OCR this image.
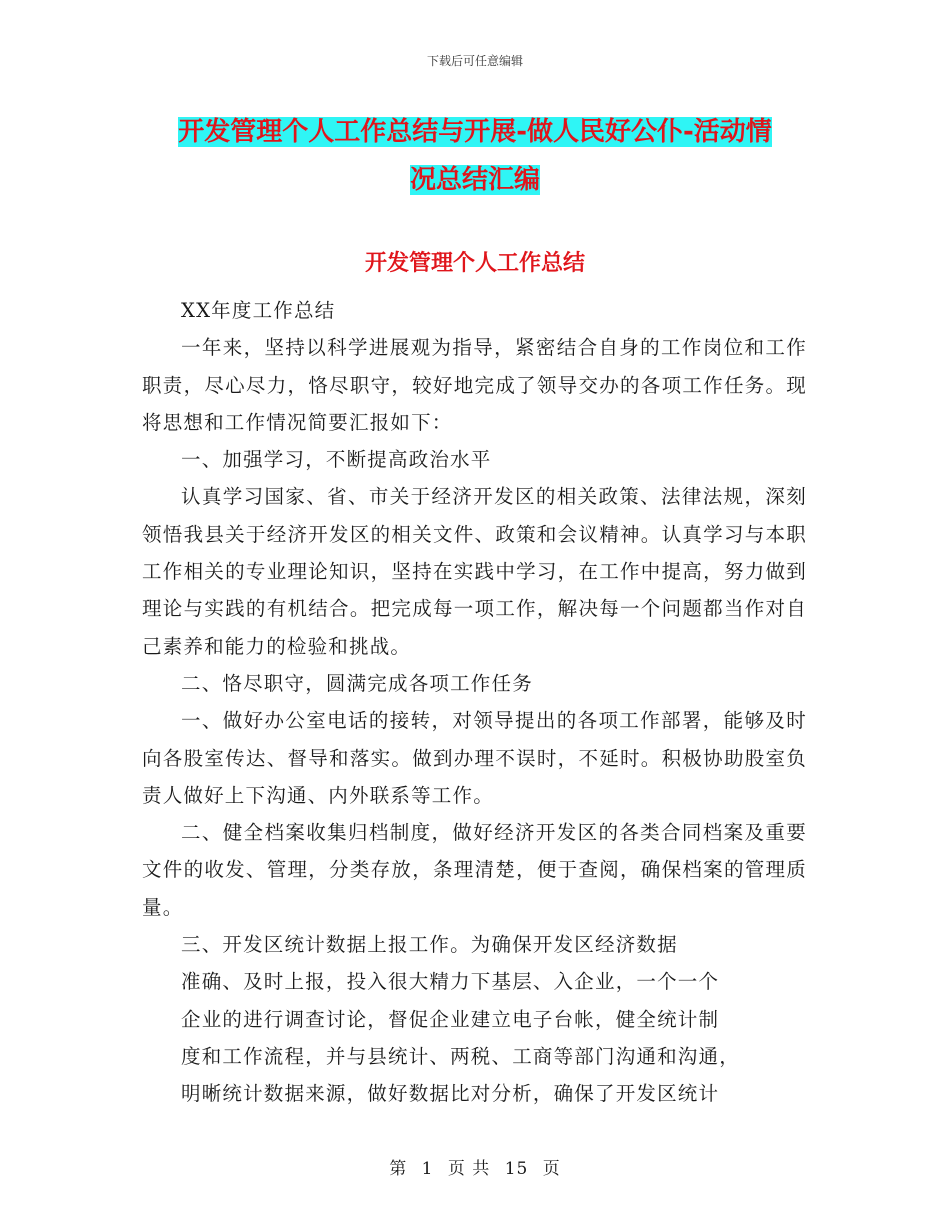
下载后可任意编辑
开发管理个人工作总结与开展-做人民好公仆-活动情
况总结汇编
开发管理个人工作总结

XX年度工作总结

一年来，坚持以科学进展观为指导，紧密结合自身的工作岗位和工作职责，尽心尽力，恪尽职守，较好地完成了领导交办的各项工作任务。现将思想和工作情况简要汇报如下：

一、加强学习，不断提高政治水平

认真学习国家、省、市关于经济开发区的相关政策、法律法规，深刻领悟我县关于经济开发区的相关文件、政策和会议精神。认真学习与本职工作相关的专业理论知识，坚持在实践中学习，在工作中提高，努力做到理论与实践的有机结合。把完成每一项工作，解决每一个问题都当作对自己素养和能力的检验和挑战。

二、恪尽职守，圆满完成各项工作任务

一、做好办公室电话的接转，对领导提出的各项工作部署，能够及时向各股室传达、督导和落实。做到办理不误时，不延时。积极协助股室负责人做好上下沟通、内外联系等工作。

二、健全档案收集归档制度，做好经济开发区的各类合同档案及重要文件的收发、管理，分类存放，条理清楚，便于查阅，确保档案的管理质量。

三、开发区统计数据上报工作。为确保开发区经济数据

准确、及时上报，投入很大精力下基层、入企业，一个一个

企业的进行调查讨论，督促企业建立电子台帐，健全统计制

度和工作流程，并与县统计、两税、工商等部门沟通和沟通，

明晰统计数据来源，做好数据比对分析，确保了开发区统计

第 1 页 共 15 页
